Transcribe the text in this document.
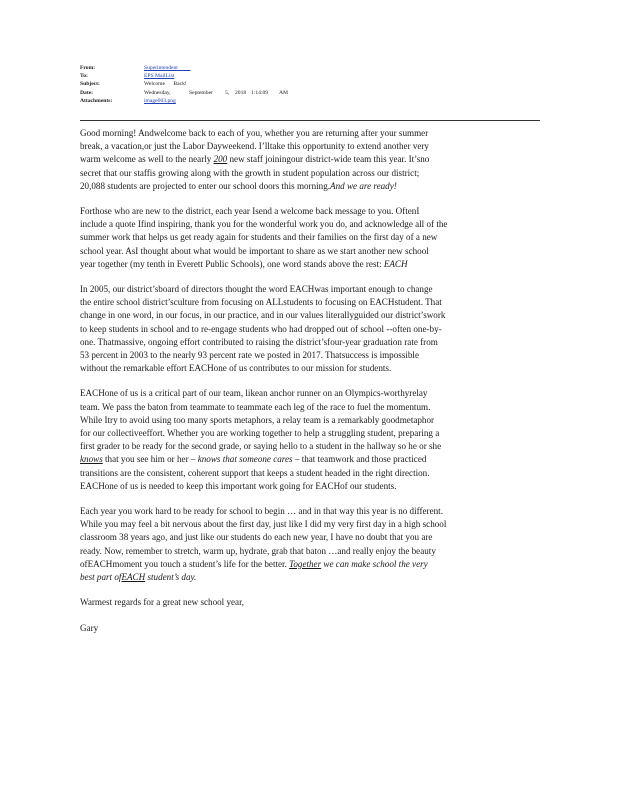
From:	Superintendent
To:	EPS MailList
Subject:	Welcome      Back!
Date:	Wednesday,	September 5, 2018 1:14:09 AM
Attachments:	image003.png

Good morning! Andwelcome back to each of you, whether you are returning after your summer
break, a vacation,or just the Labor Dayweekend. I’lltake this opportunity to extend another very
warm welcome as well to the nearly 200 new staff joiningour district-wide team this year. It’sno
secret that our staffis growing along with the growth in student population across our district;
20,088 students are projected to enter our school doors this morning.And we are ready!

Forthose who are new to the district, each year Isend a welcome back message to you. OftenI
include a quote Ifind inspiring, thank you for the wonderful work you do, and acknowledge all of the
summer work that helps us get ready again for students and their families on the first day of a new
school year. AsI thought about what would be important to share as we start another new school
year together (my tenth in Everett Public Schools), one word stands above the rest: EACH

In 2005, our district’sboard of directors thought the word EACHwas important enough to change
the entire school district’sculture from focusing on ALLstudents to focusing on EACHstudent. That
change in one word, in our focus, in our practice, and in our values literallyguided our district’swork
to keep students in school and to re-engage students who had dropped out of school --often one-by-
one. Thatmassive, ongoing effort contributed to raising the district’sfour-year graduation rate from
53 percent in 2003 to the nearly 93 percent rate we posted in 2017. Thatsuccess is impossible
without the remarkable effort EACHone of us contributes to our mission for students.

EACHone of us is a critical part of our team, likean anchor runner on an Olympics-worthyrelay
team. We pass the baton from teammate to teammate each leg of the race to fuel the momentum.
While Itry to avoid using too many sports metaphors, a relay team is a remarkably goodmetaphor
for our collectiveeffort. Whether you are working together to help a struggling student, preparing a
first grader to be ready for the second grade, or saying hello to a student in the hallway so he or she
knows that you see him or her – knows that someone cares – that teamwork and those practiced
transitions are the consistent, coherent support that keeps a student headed in the right direction.
EACHone of us is needed to keep this important work going for EACHof our students.

Each year you work hard to be ready for school to begin … and in that way this year is no different.
While you may feel a bit nervous about the first day, just like I did my very first day in a high school
classroom 38 years ago, and just like our students do each new year, I have no doubt that you are
ready. Now, remember to stretch, warm up, hydrate, grab that baton …and really enjoy the beauty
ofEACHmoment you touch a student’s life for the better. Together we can make school the very
best part ofEACH student’s day.

Warmest regards for a great new school year,

Gary
